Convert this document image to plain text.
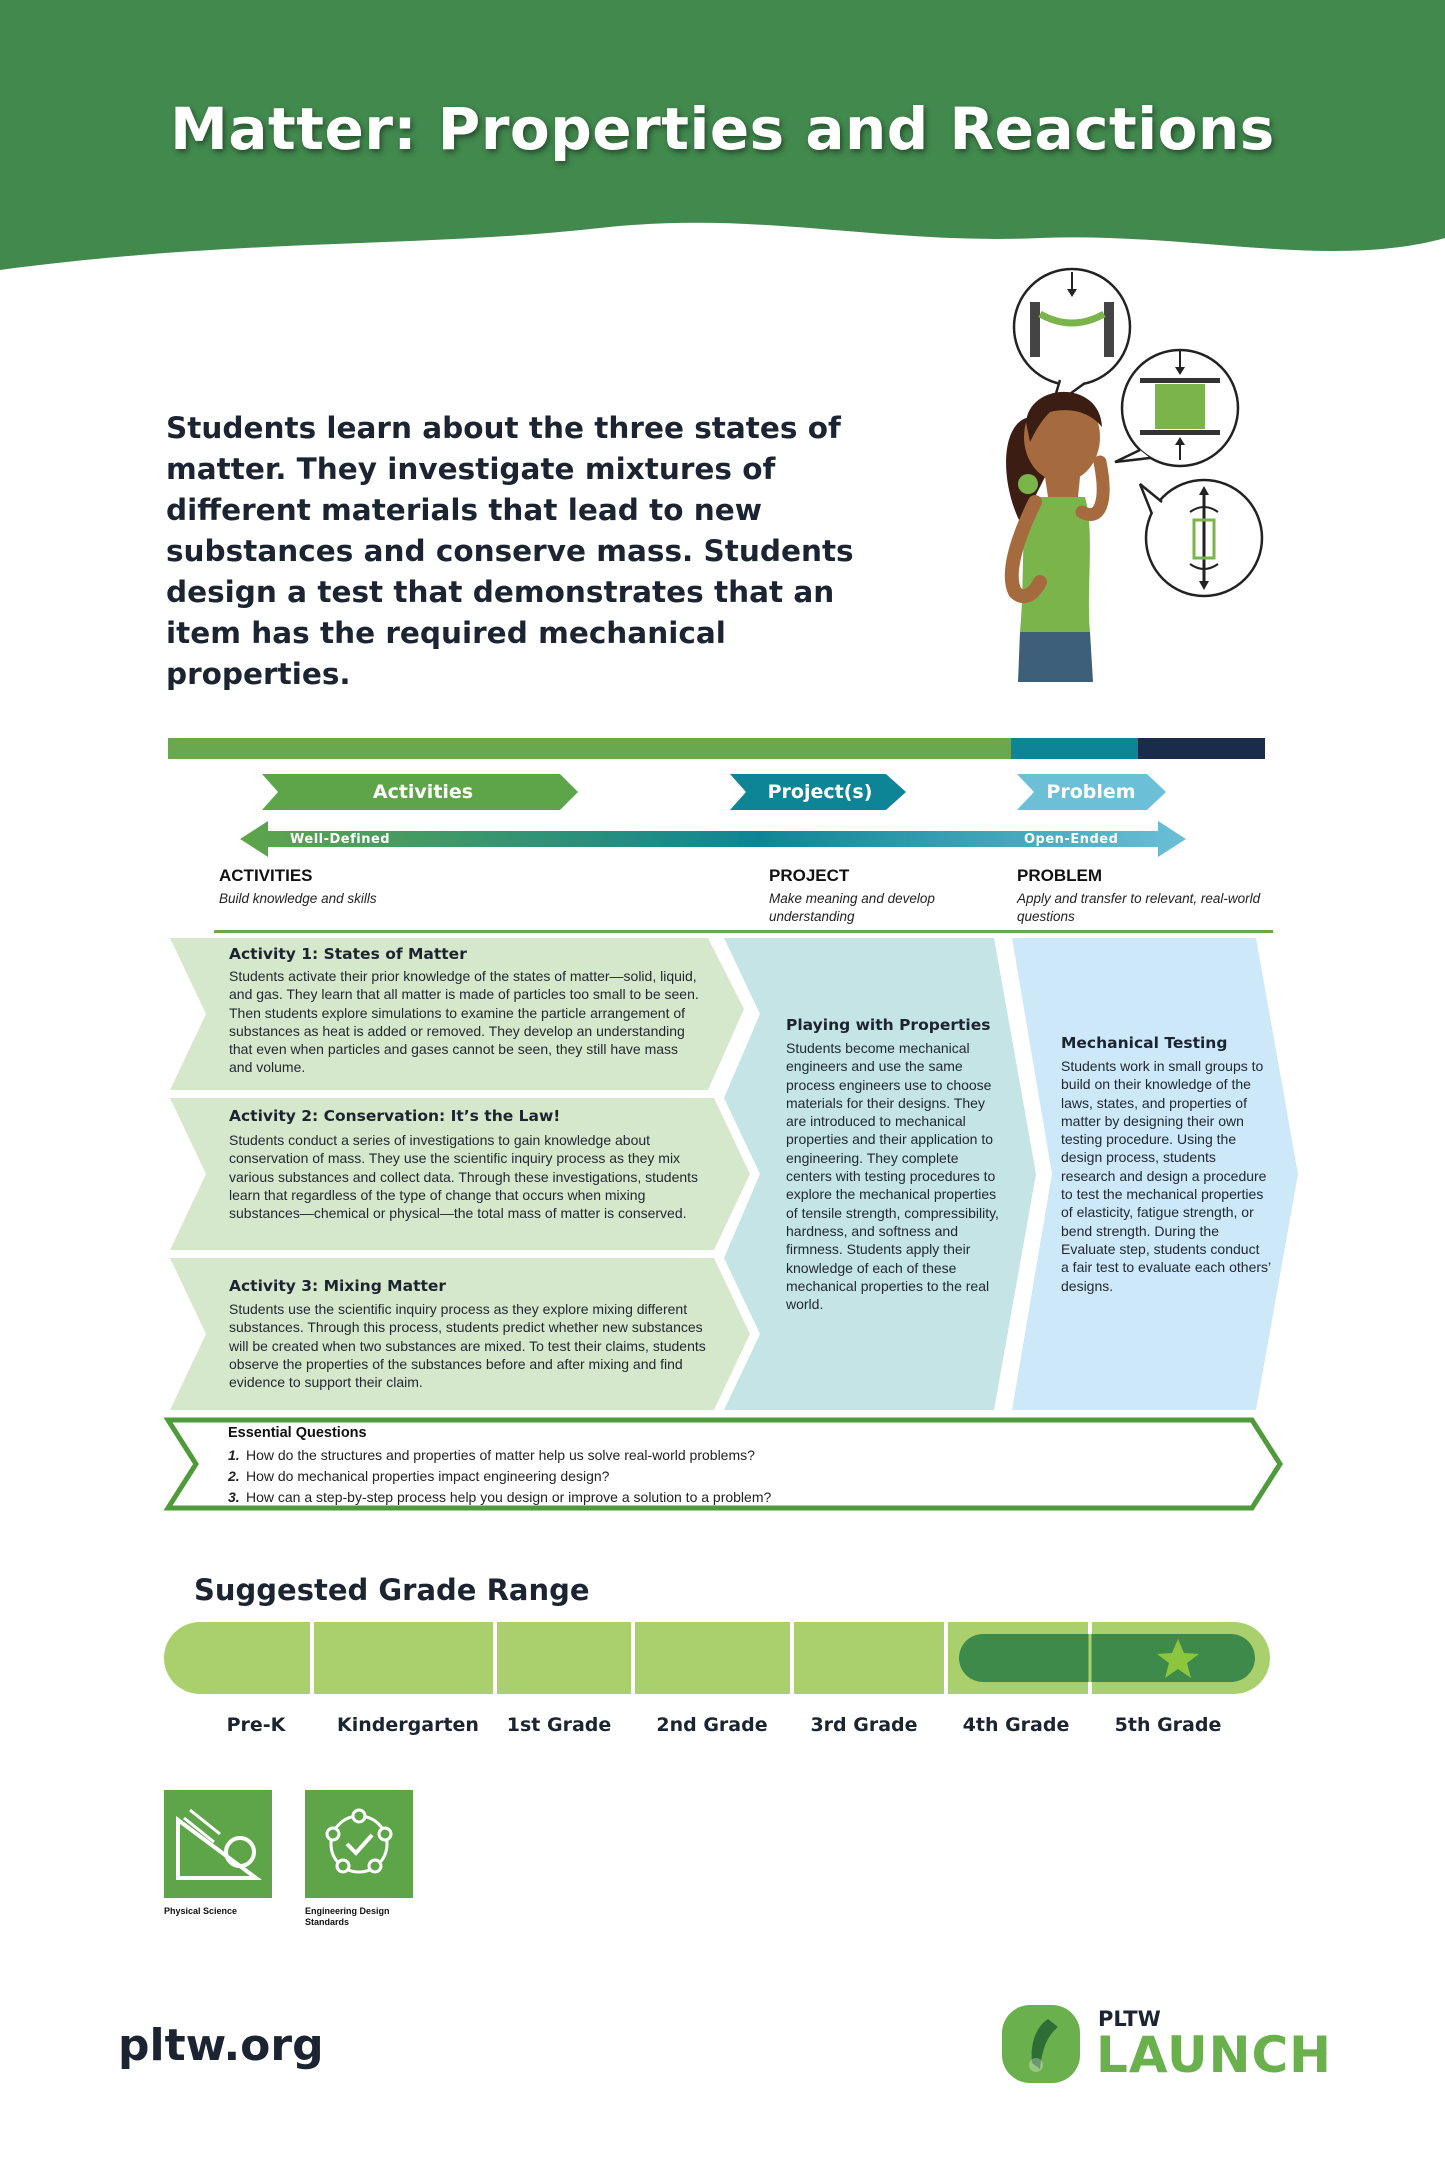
Matter: Properties and Reactions
Students learn about the three states of matter. They investigate mixtures of different materials that lead to new substances and conserve mass. Students design a test that demonstrates that an item has the required mechanical properties.
Activities	Project(s)	Problem
Well-Defined	Open-Ended
ACTIVITIES
Build knowledge and skills
PROJECT
Make meaning and develop understanding
PROBLEM
Apply and transfer to relevant, real-world questions
Activity 1: States of Matter
Students activate their prior knowledge of the states of matter—solid, liquid, and gas. They learn that all matter is made of particles too small to be seen. Then students explore simulations to examine the particle arrangement of substances as heat is added or removed. They develop an understanding that even when particles and gases cannot be seen, they still have mass and volume.
Activity 2: Conservation: It’s the Law!
Students conduct a series of investigations to gain knowledge about conservation of mass. They use the scientific inquiry process as they mix various substances and collect data. Through these investigations, students learn that regardless of the type of change that occurs when mixing substances—chemical or physical—the total mass of matter is conserved.
Activity 3: Mixing Matter
Students use the scientific inquiry process as they explore mixing different substances. Through this process, students predict whether new substances will be created when two substances are mixed. To test their claims, students observe the properties of the substances before and after mixing and find evidence to support their claim.
Playing with Properties
Students become mechanical engineers and use the same process engineers use to choose materials for their designs. They are introduced to mechanical properties and their application to engineering. They complete centers with testing procedures to explore the mechanical properties of tensile strength, compressibility, hardness, and softness and firmness. Students apply their knowledge of each of these mechanical properties to the real world.
Mechanical Testing
Students work in small groups to build on their knowledge of the laws, states, and properties of matter by designing their own testing procedure. Using the design process, students research and design a procedure to test the mechanical properties of elasticity, fatigue strength, or bend strength. During the Evaluate step, students conduct a fair test to evaluate each others’ designs.
Essential Questions
1. How do the structures and properties of matter help us solve real-world problems?
2. How do mechanical properties impact engineering design?
3. How can a step-by-step process help you design or improve a solution to a problem?
Suggested Grade Range
Pre-K	Kindergarten	1st Grade	2nd Grade	3rd Grade	4th Grade	5th Grade
Physical Science	Engineering Design Standards
pltw.org
PLTW
LAUNCH
